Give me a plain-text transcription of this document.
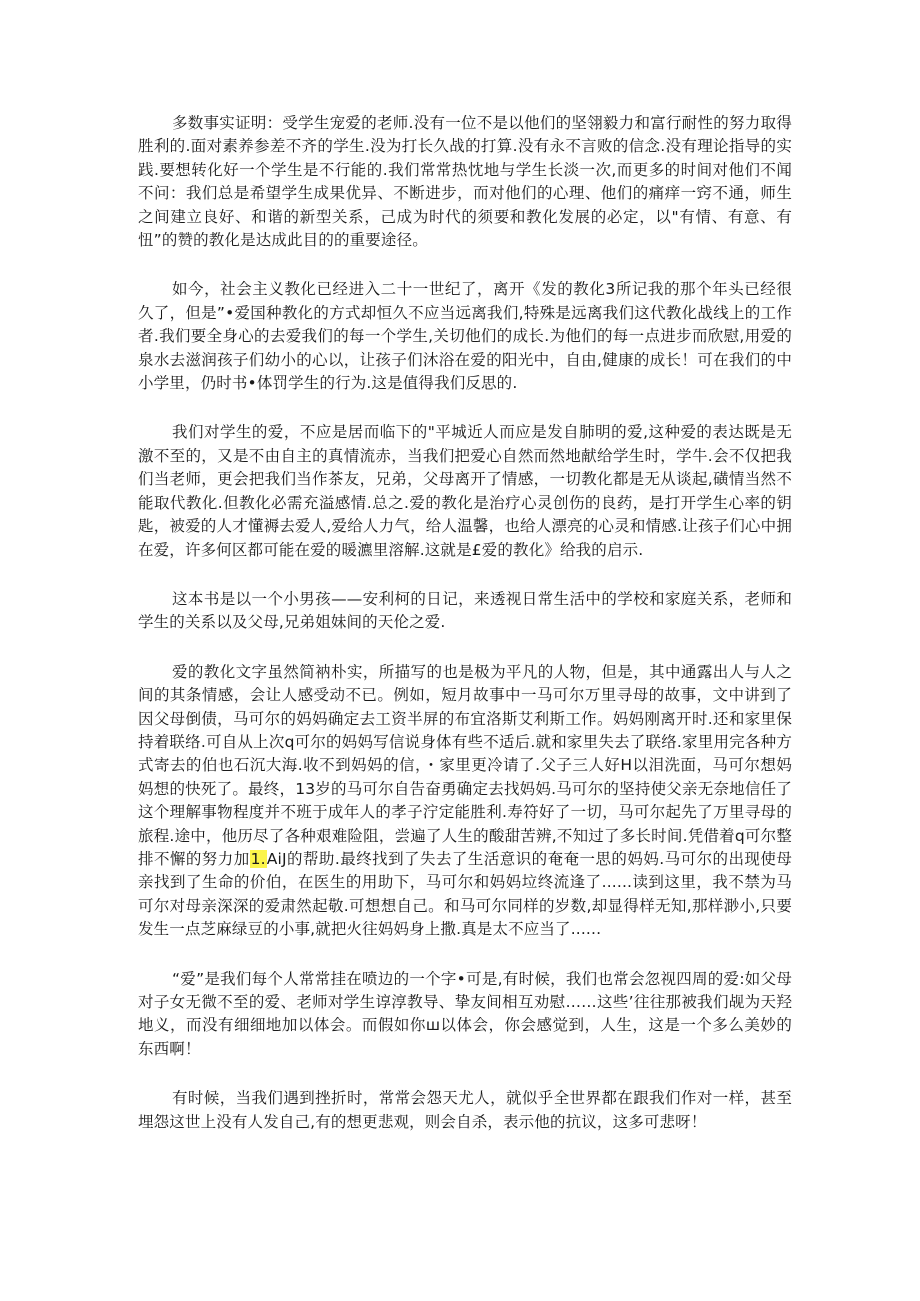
多数事实证明：受学生宠爱的老师.没有一位不是以他们的坚翎毅力和富行耐性的努力取得胜利的.面对素养参差不齐的学生.没为打长久战的打算.没有永不言败的信念.没有理论指导的实践.要想转化好一个学生是不行能的.我们常常热忱地与学生长淡一次,而更多的时间对他们不闻不问：我们总是希望学生成果优异、不断进步，而对他们的心理、他们的痛痒一窍不通，师生之间建立良好、和谐的新型关系，己成为时代的须要和教化发展的必定，以"有情、有意、有忸”的赞的教化是达成此目的的重要途径。

如今，社会主义教化已经进入二十一世纪了，离开《发的教化3所记我的那个年头已经很久了，但是”•爱国种教化的方式却恒久不应当远离我们,特殊是远离我们这代教化战线上的工作者.我们要全身心的去爱我们的每一个学生,关切他们的成长.为他们的每一点进步而欣慰,用爱的泉水去滋润孩子们幼小的心以，让孩子们沐浴在爱的阳光中，自由,健康的成长！可在我们的中小学里，仍时书•体罚学生的行为.这是值得我们反思的.

我们对学生的爱，不应是居而临下的"平城近人而应是发自肺明的爱,这种爱的表达既是无激不至的，又是不由自主的真情流赤，当我们把爱心自然而然地献给学生时，学牛.会不仅把我们当老师，更会把我们当作茶友，兄弟，父母离开了情感，一切教化都是无从谈起,磺情当然不能取代教化.但教化必需充溢感情.总之.爱的教化是治疗心灵创伤的良药，是打开学生心率的钥匙，被爱的人才懂褥去爱人,爱给人力气，给人温馨，也给人漂亮的心灵和情感.让孩子们心中拥在爱，许多何区都可能在爱的暖瀌里溶解.这就是£爱的教化》给我的启示.

这本书是以一个小男孩——安利柯的日记，来透视日常生活中的学校和家庭关系，老师和学生的关系以及父母,兄弟姐妹间的天伦之爱.

爱的教化文字虽然简衲朴实，所描写的也是极为平凡的人物，但是，其中通露出人与人之间的其条情感，会让人感受动不已。例如，短月故事中一马可尔万里寻母的故事，文中讲到了因父母倒债，马可尔的妈妈确定去工资半屏的布宜洛斯艾利斯工作。妈妈刚离开时.还和家里保持着联络.可自从上次q可尔的妈妈写信说身体有些不适后.就和家里失去了联络.家里用完各种方式寄去的伯也石沉大海.收不到妈妈的信，・家里更冷请了.父子三人好H以泪洗面，马可尔想妈妈想的快死了。最终，13岁的马可尔自告奋勇确定去找妈妈.马可尔的坚持使父亲无奈地信任了这个理解事物程度并不班于成年人的孝子泞定能胜利.寿符好了一切，马可尔起先了万里寻母的旅程.途中，他历尽了各种艰难险阻，尝遍了人生的酸甜苦辨,不知过了多长时间.凭借着q可尔整排不懈的努力加1.AiJ的帮助.最终找到了失去了生活意识的奄奄一思的妈妈.马可尔的出现使母亲找到了生命的价伯，在医生的用助下，马可尔和妈妈垃终流逢了......读到这里，我不禁为马可尔对母亲深深的爱肃然起敬.可想想自己。和马可尔同样的岁数,却显得样无知,那样渺小,只要发生一点芝麻绿豆的小事,就把火往妈妈身上撒.真是太不应当了......

“爱”是我们每个人常常挂在喷边的一个字•可是,有时候，我们也常会忽视四周的爱:如父母对子女无微不至的爱、老师对学生谆淳教导、挚友间相互劝慰……这些’往往那被我们觇为天羟地义，而没有细细地加以体会。而假如你ш以体会，你会感觉到，人生，这是一个多么美妙的东西啊！

有时候，当我们遇到挫折时，常常会怨天尤人，就似乎全世界都在跟我们作对一样，甚至埋怨这世上没有人发自己,有的想更悲观，则会自杀，表示他的抗议，这多可悲呀！
